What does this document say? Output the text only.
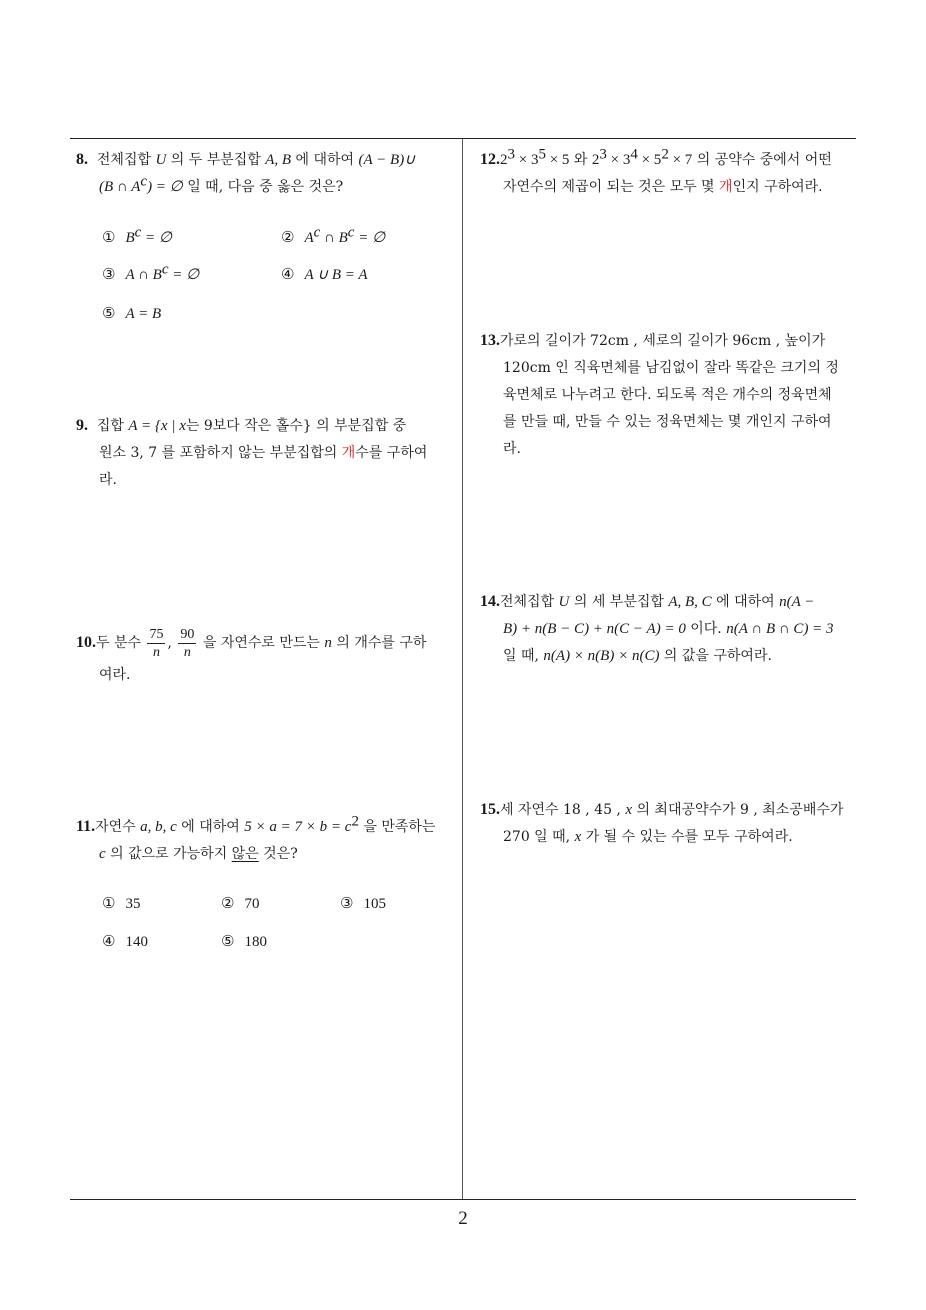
8. 전체집합 U 의 두 부분집합 A, B 에 대하여 (A − B)∪
(B ∩ $A^c$) = ∅ 일 때, 다음 중 옳은 것은?
① $B^c$ = ∅	② $A^c$ ∩ $B^c$ = ∅
③ A ∩ $B^c$ = ∅	④ A ∪ B = A
⑤ A = B
9. 집합 A = {x | x는 9보다 작은 홀수} 의 부분집합 중
원소 3, 7 를 포함하지 않는 부분집합의 개수를 구하여
라.
10.두 분수 $\frac{75}{n}$ , $\frac{90}{n}$ 을 자연수로 만드는 n 의 개수를 구하
여라.
11.자연수 a, b, c 에 대하여 $5 \times a = 7 \times b = c^2$ 을 만족하는
c 의 값으로 가능하지 않은 것은?
① 35	② 70	③ 105
④ 140	⑤ 180
$12.2^3 \times 3^5 \times 5$ 와 $2^3 \times 3^4 \times 5^2 \times 7$ 의 공약수 중에서 어떤
자연수의 제곱이 되는 것은 모두 몇 개인지 구하여라.
13.가로의 길이가 72cm , 세로의 길이가 96cm , 높이가
120cm 인 직육면체를 남김없이 잘라 똑같은 크기의 정
육면체로 나누려고 한다. 되도록 적은 개수의 정육면체
를 만들 때, 만들 수 있는 정육면체는 몇 개인지 구하여
라.
14.전체집합 U 의 세 부분집합 A, B, C 에 대하여 n(A −
B) + n(B − C) + n(C − A) = 0 이다. n(A ∩ B ∩ C) = 3
일 때, n(A) × n(B) × n(C) 의 값을 구하여라.
15.세 자연수 18 , 45 , x 의 최대공약수가 9 , 최소공배수가
270 일 때, x 가 될 수 있는 수를 모두 구하여라.
2
